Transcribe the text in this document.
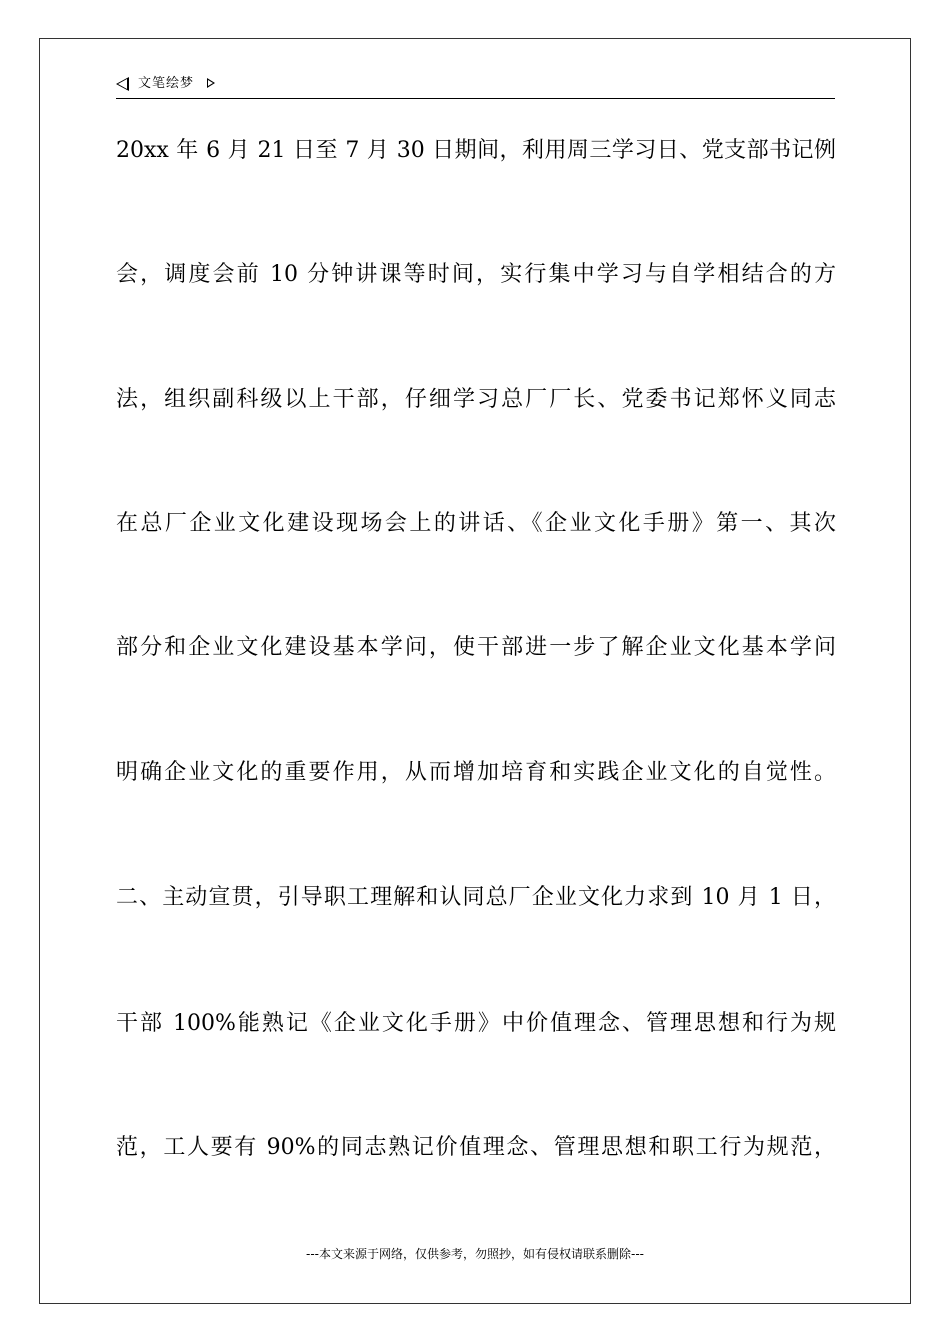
文笔绘梦
20xx 年 6 月 21 日至 7 月 30 日期间，利用周三学习日、党支部书记例
会，调度会前 10 分钟讲课等时间，实行集中学习与自学相结合的方
法，组织副科级以上干部，仔细学习总厂厂长、党委书记郑怀义同志
在总厂企业文化建设现场会上的讲话、《企业文化手册》第一、其次
部分和企业文化建设基本学问，使干部进一步了解企业文化基本学问
明确企业文化的重要作用，从而增加培育和实践企业文化的自觉性。
二、主动宣贯，引导职工理解和认同总厂企业文化力求到 10 月 1 日，
干部 100%能熟记《企业文化手册》中价值理念、管理思想和行为规
范，工人要有 90%的同志熟记价值理念、管理思想和职工行为规范，
---本文来源于网络，仅供参考，勿照抄，如有侵权请联系删除---
